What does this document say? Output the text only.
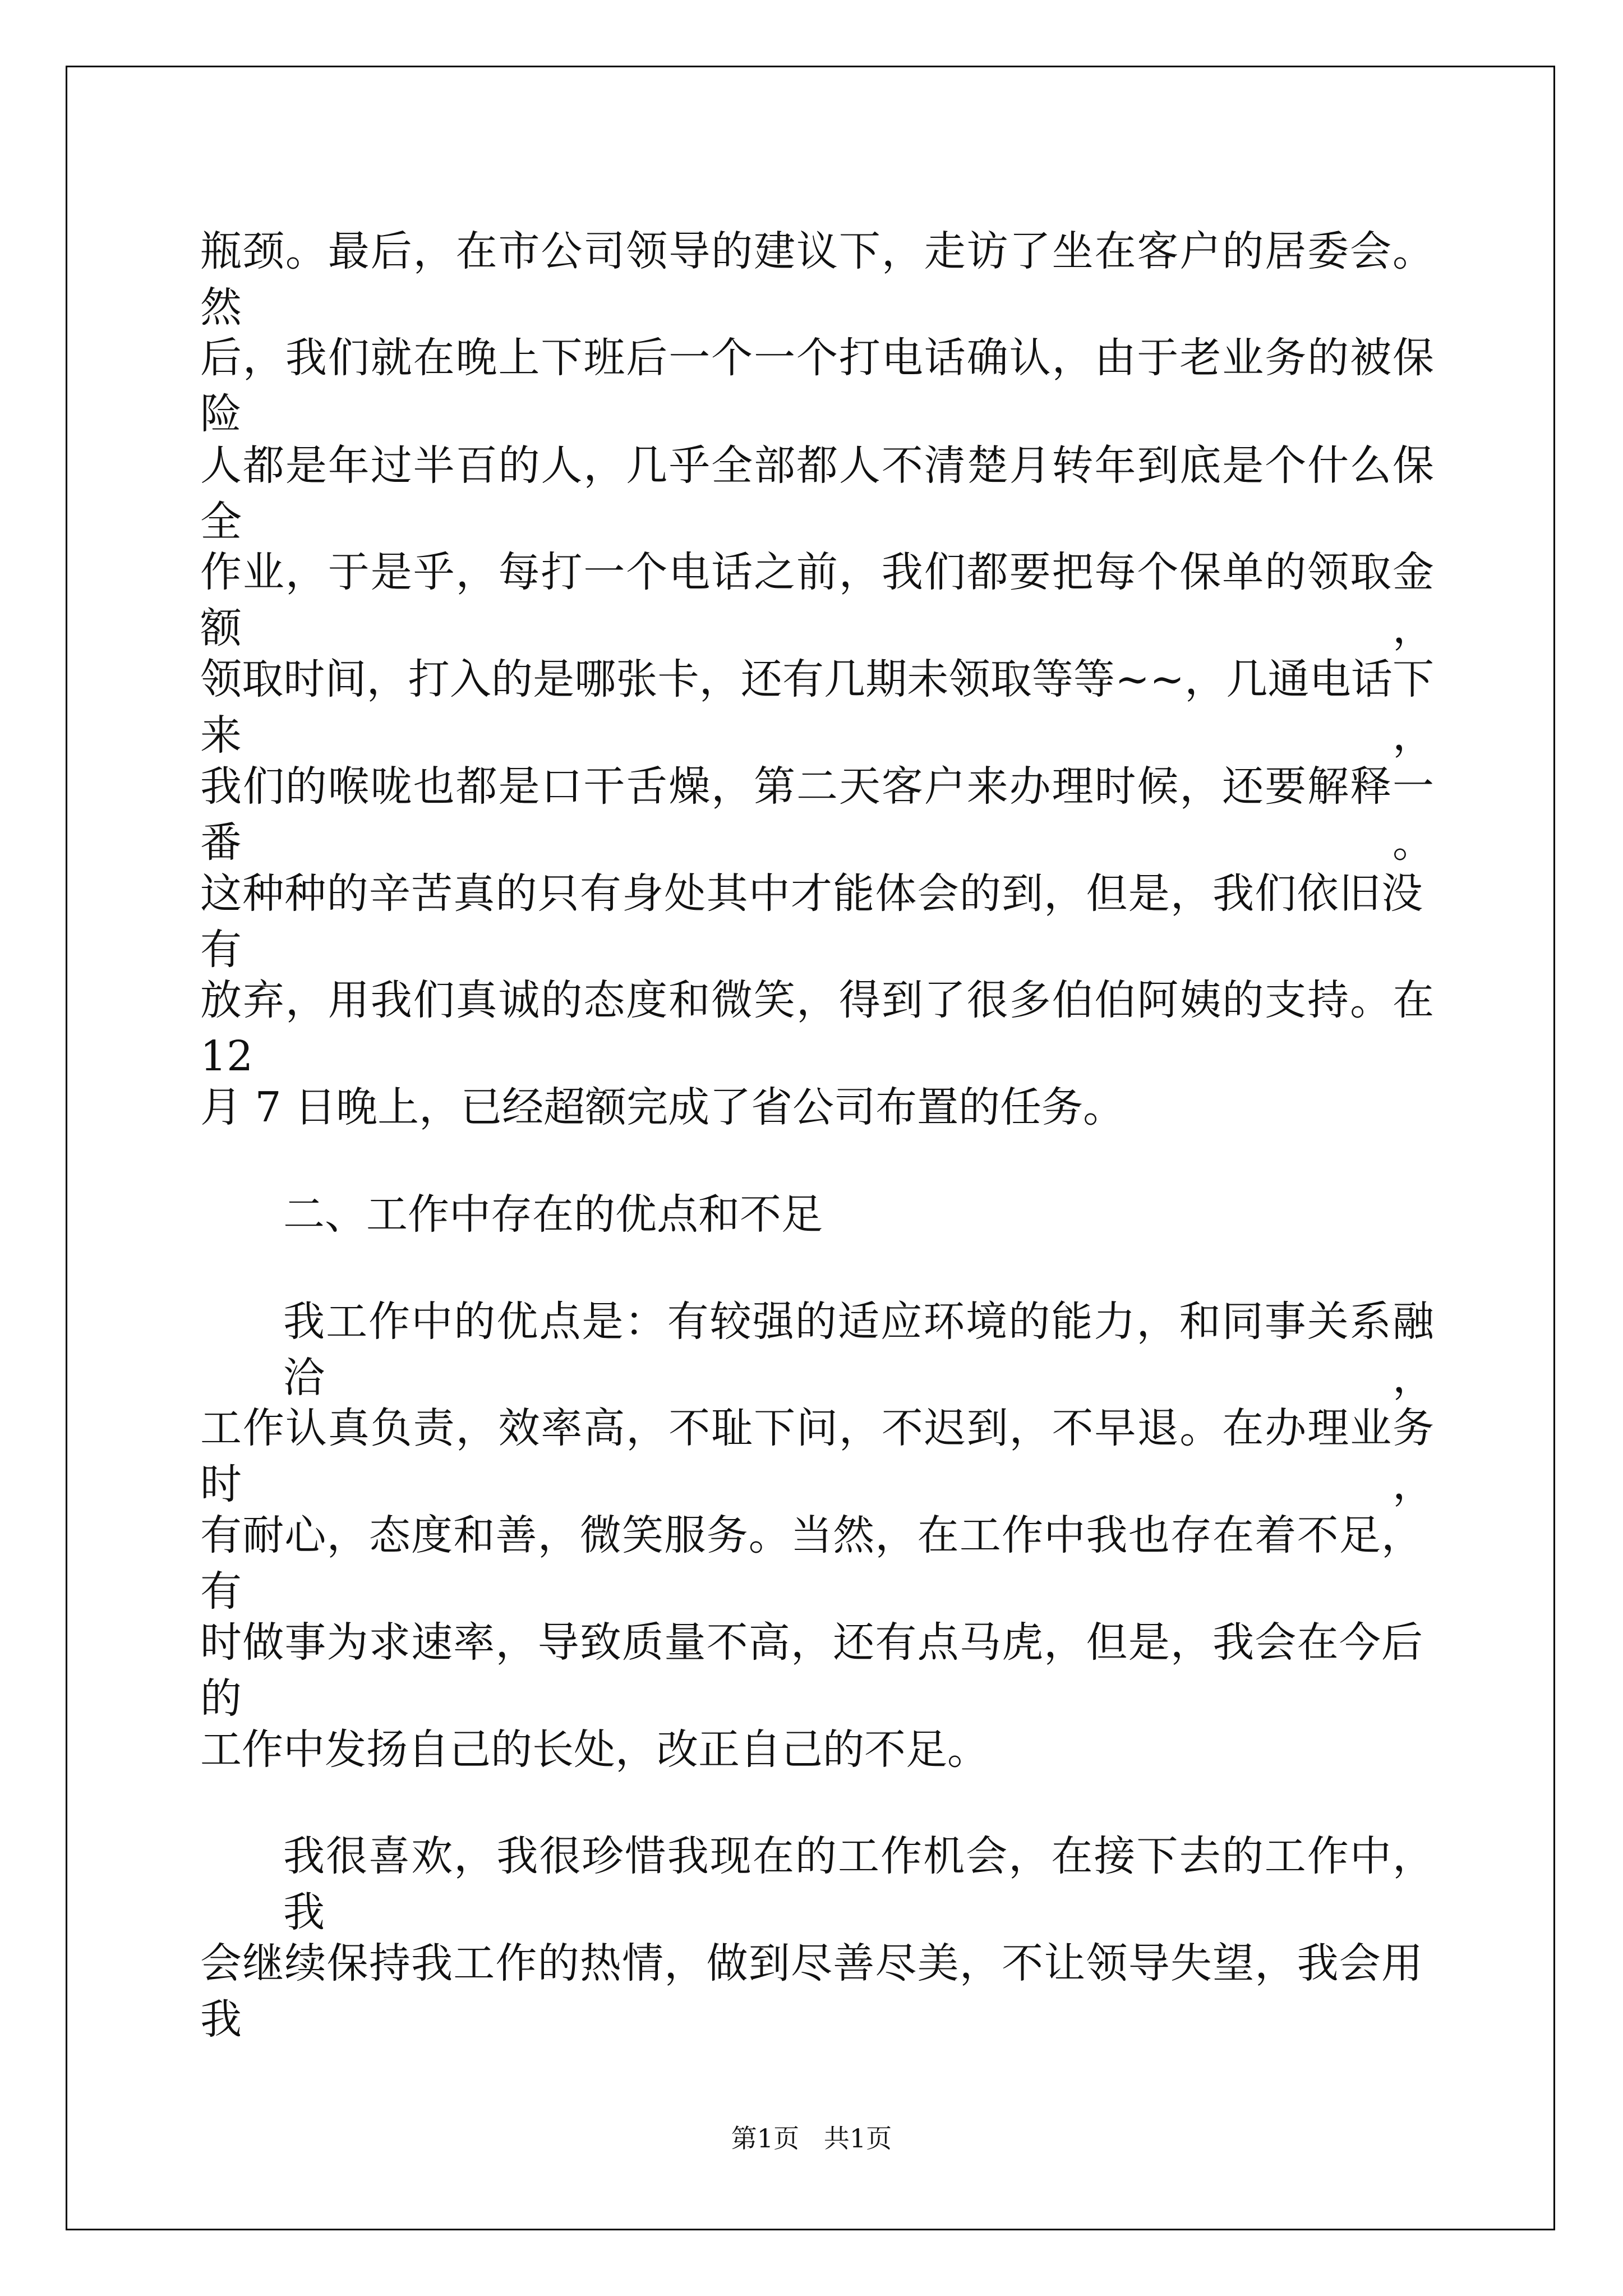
瓶颈。最后，在市公司领导的建议下，走访了坐在客户的居委会。然

后，我们就在晚上下班后一个一个打电话确认，由于老业务的被保险

人都是年过半百的人，几乎全部都人不清楚月转年到底是个什么保全

作业，于是乎，每打一个电话之前，我们都要把每个保单的领取金额，

领取时间，打入的是哪张卡，还有几期未领取等等~~，几通电话下来，

我们的喉咙也都是口干舌燥，第二天客户来办理时候，还要解释一番。

这种种的辛苦真的只有身处其中才能体会的到，但是，我们依旧没有

放弃，用我们真诚的态度和微笑，得到了很多伯伯阿姨的支持。在 12

月 7 日晚上，已经超额完成了省公司布置的任务。

二、工作中存在的优点和不足

我工作中的优点是：有较强的适应环境的能力，和同事关系融洽，

工作认真负责，效率高，不耻下问，不迟到，不早退。在办理业务时，

有耐心，态度和善，微笑服务。当然，在工作中我也存在着不足，有

时做事为求速率，导致质量不高，还有点马虎，但是，我会在今后的

工作中发扬自己的长处，改正自己的不足。

我很喜欢，我很珍惜我现在的工作机会，在接下去的工作中，我

会继续保持我工作的热情，做到尽善尽美，不让领导失望，我会用我

第1页   共1页
